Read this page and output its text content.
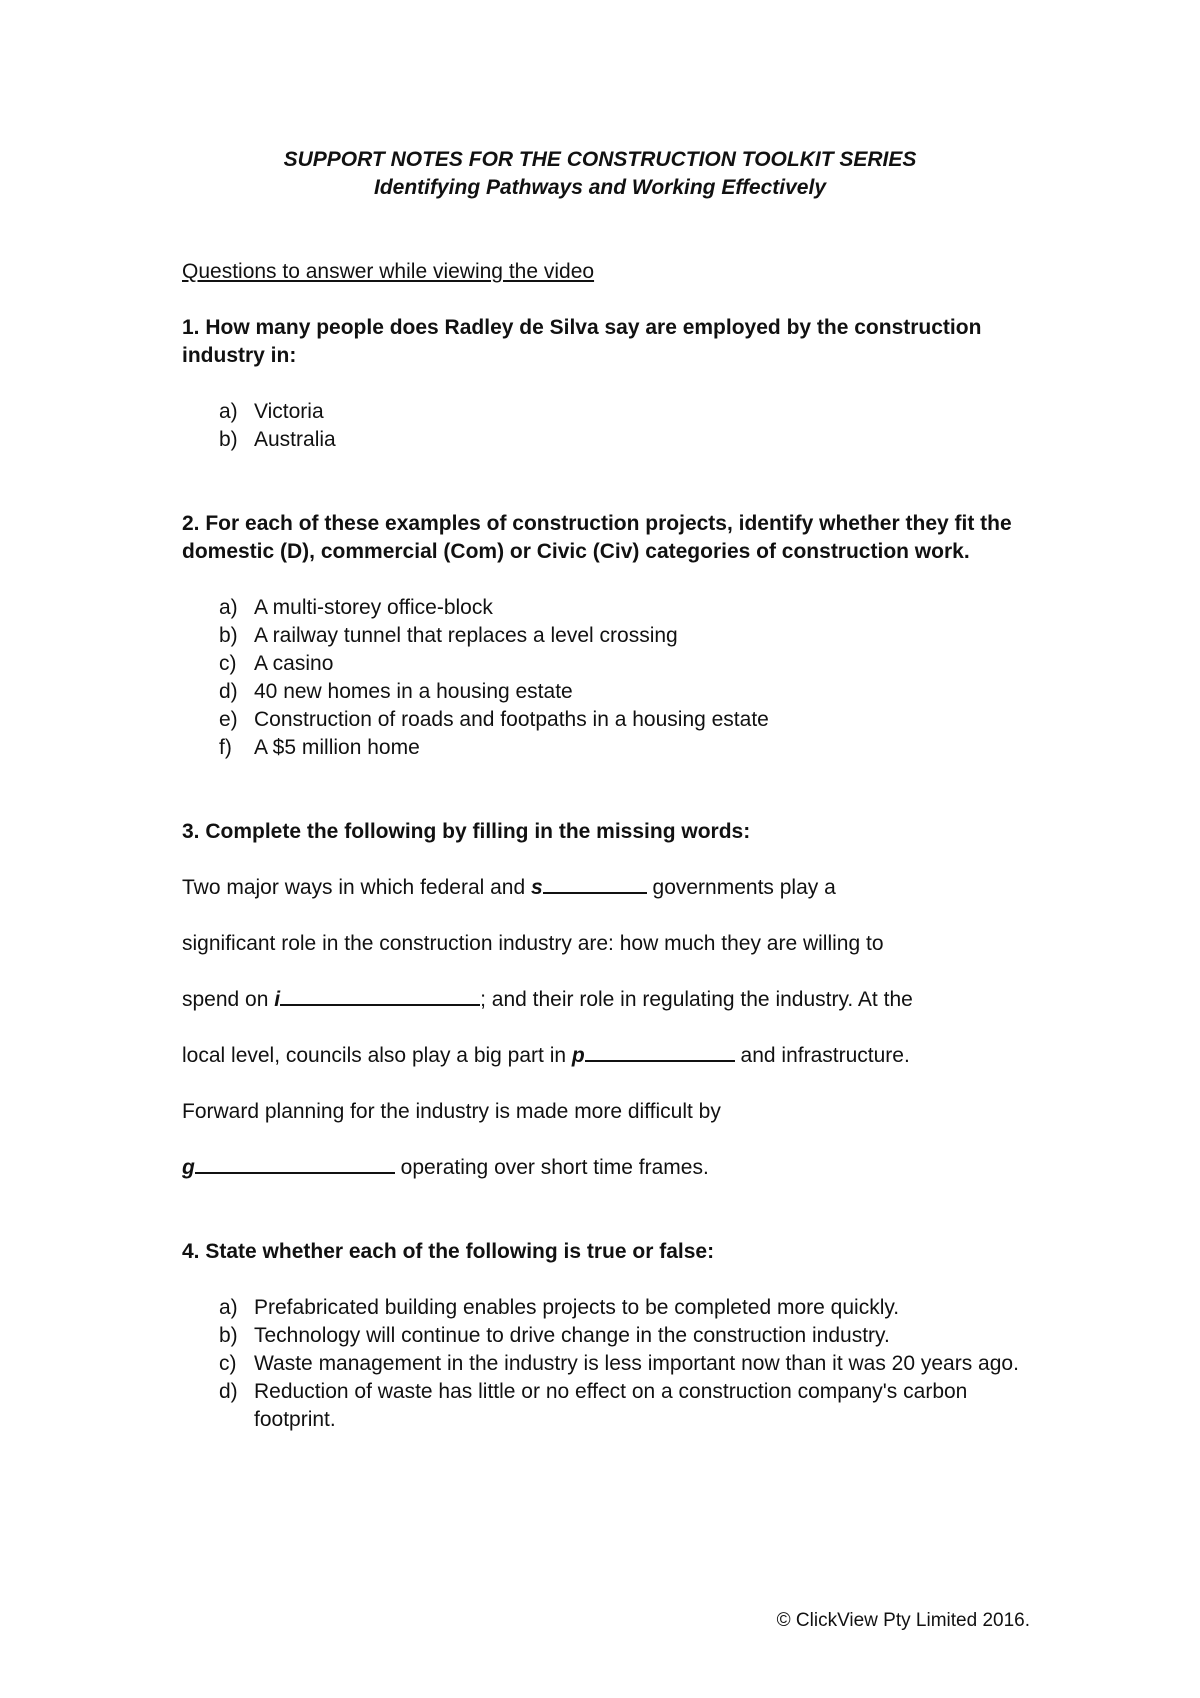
SUPPORT NOTES FOR THE CONSTRUCTION TOOLKIT SERIES

Identifying Pathways and Working Effectively

Questions to answer while viewing the video

1. How many people does Radley de Silva say are employed by the construction industry in:

a) Victoria
b) Australia

2. For each of these examples of construction projects, identify whether they fit the domestic (D), commercial (Com) or Civic (Civ) categories of construction work.

a) A multi-storey office-block
b) A railway tunnel that replaces a level crossing
c) A casino
d) 40 new homes in a housing estate
e) Construction of roads and footpaths in a housing estate
f) A $5 million home

3. Complete the following by filling in the missing words:

Two major ways in which federal and s	governments play a

significant role in the construction industry are: how much they are willing to

spend on i	; and their role in regulating the industry. At the

local level, councils also play a big part in p	and infrastructure.

Forward planning for the industry is made more difficult by

g	operating over short time frames.

4. State whether each of the following is true or false:

a) Prefabricated building enables projects to be completed more quickly.
b) Technology will continue to drive change in the construction industry.
c) Waste management in the industry is less important now than it was 20 years ago.
d) Reduction of waste has little or no effect on a construction company's carbon footprint.
© ClickView Pty Limited 2016.
